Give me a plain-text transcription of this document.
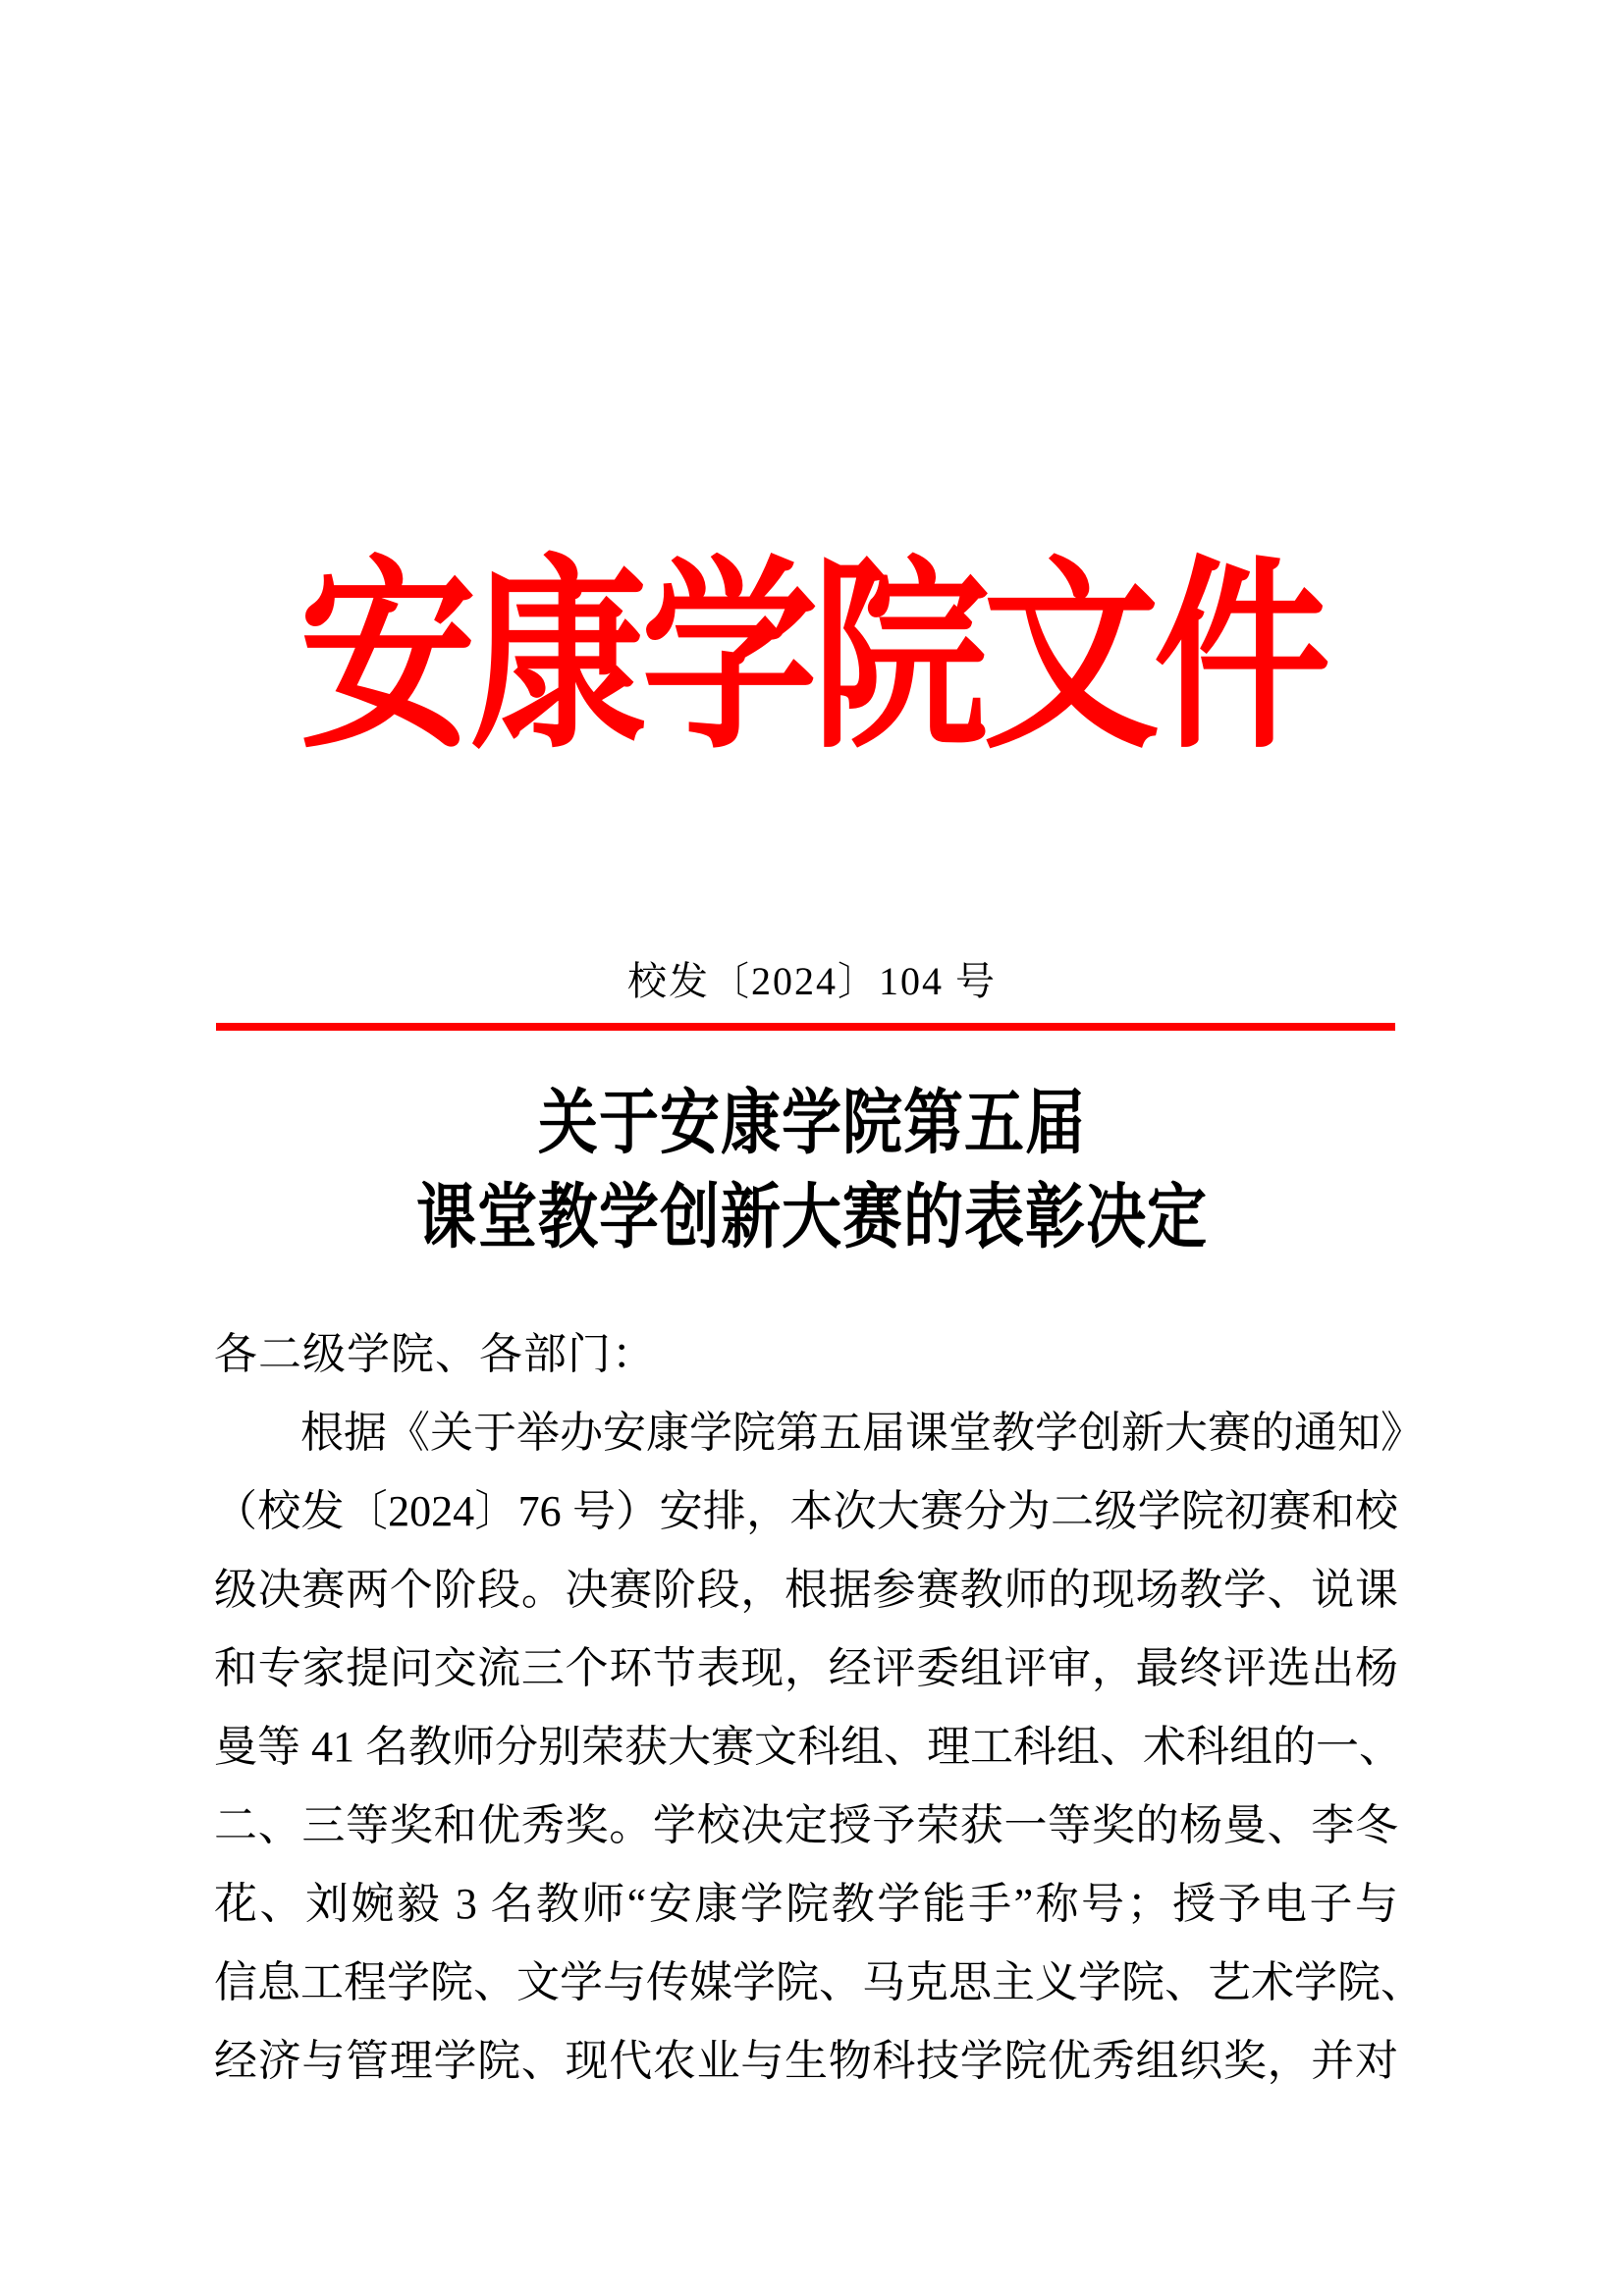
安康学院文件
校发〔2024〕104 号
关于安康学院第五届
课堂教学创新大赛的表彰决定
各二级学院、各部门：
根据《关于举办安康学院第五届课堂教学创新大赛的通知》
（校发〔2024〕76 号）安排，本次大赛分为二级学院初赛和校
级决赛两个阶段。决赛阶段，根据参赛教师的现场教学、说课
和专家提问交流三个环节表现，经评委组评审，最终评选出杨
曼等 41 名教师分别荣获大赛文科组、理工科组、术科组的一、
二、三等奖和优秀奖。学校决定授予荣获一等奖的杨曼、李冬
花、刘婉毅 3 名教师“安康学院教学能手”称号；授予电子与
信息工程学院、文学与传媒学院、马克思主义学院、艺术学院、
经济与管理学院、现代农业与生物科技学院优秀组织奖，并对
